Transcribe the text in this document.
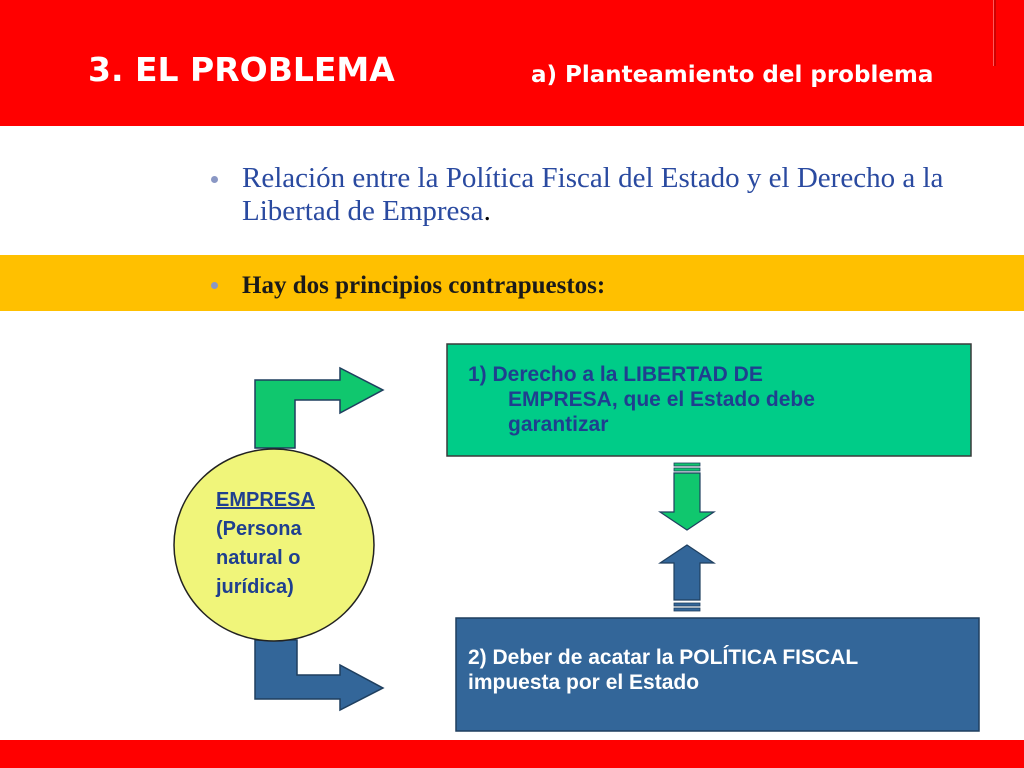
3. EL PROBLEMA	a) Planteamiento del problema
Relación entre la Política Fiscal del Estado y el Derecho a la Libertad de Empresa.
Hay dos principios contrapuestos:
EMPRESA
(Persona
natural o
jurídica)
1) Derecho a la LIBERTAD DE
EMPRESA, que el Estado debe
garantizar
2) Deber de acatar la POLÍTICA FISCAL
impuesta por el Estado
